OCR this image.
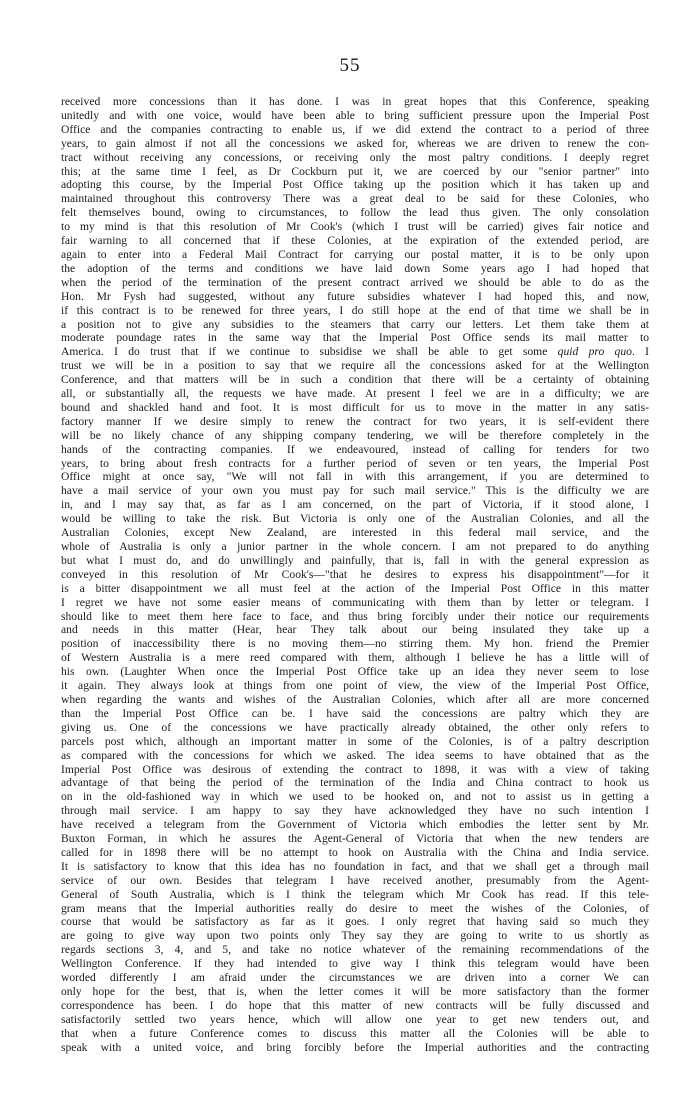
55
received more concessions than it has done. I was in great hopes that this Conference, speaking
unitedly and with one voice, would have been able to bring sufficient pressure upon the Imperial Post
Office and the companies contracting to enable us, if we did extend the contract to a period of three
years, to gain almost if not all the concessions we asked for, whereas we are driven to renew the con-
tract without receiving any concessions, or receiving only the most paltry conditions. I deeply regret
this; at the same time I feel, as Dr Cockburn put it, we are coerced by our "senior partner" into
adopting this course, by the Imperial Post Office taking up the position which it has taken up and
maintained throughout this controversy There was a great deal to be said for these Colonies, who
felt themselves bound, owing to circumstances, to follow the lead thus given. The only consolation
to my mind is that this resolution of Mr Cook's (which I trust will be carried) gives fair notice and
fair warning to all concerned that if these Colonies, at the expiration of the extended period, are
again to enter into a Federal Mail Contract for carrying our postal matter, it is to be only upon
the adoption of the terms and conditions we have laid down Some years ago I had hoped that
when the period of the termination of the present contract arrived we should be able to do as the
Hon. Mr Fysh had suggested, without any future subsidies whatever I had hoped this, and now,
if this contract is to be renewed for three years, I do still hope at the end of that time we shall be in
a position not to give any subsidies to the steamers that carry our letters. Let them take them at
moderate poundage rates in the same way that the Imperial Post Office sends its mail matter to
America. I do trust that if we continue to subsidise we shall be able to get some quid pro quo. I
trust we will be in a position to say that we require all the concessions asked for at the Wellington
Conference, and that matters will be in such a condition that there will be a certainty of obtaining
all, or substantially all, the requests we have made. At present I feel we are in a difficulty; we are
bound and shackled hand and foot. It is most difficult for us to move in the matter in any satis-
factory manner If we desire simply to renew the contract for two years, it is self-evident there
will be no likely chance of any shipping company tendering, we will be therefore completely in the
hands of the contracting companies. If we endeavoured, instead of calling for tenders for two
years, to bring about fresh contracts for a further period of seven or ten years, the Imperial Post
Office might at once say, "We will not fall in with this arrangement, if you are determined to
have a mail service of your own you must pay for such mail service." This is the difficulty we are
in, and I may say that, as far as I am concerned, on the part of Victoria, if it stood alone, I
would be willing to take the risk. But Victoria is only one of the Australian Colonies, and all the
Australian Colonies, except New Zealand, are interested in this federal mail service, and the
whole of Australia is only a junior partner in the whole concern. I am not prepared to do anything
but what I must do, and do unwillingly and painfully, that is, fall in with the general expression as
conveyed in this resolution of Mr Cook's—"that he desires to express his disappointment"—for it
is a bitter disappointment we all must feel at the action of the Imperial Post Office in this matter
I regret we have not some easier means of communicating with them than by letter or telegram. I
should like to meet them here face to face, and thus bring forcibly under their notice our requirements
and needs in this matter (Hear, hear They talk about our being insulated they take up a
position of inaccessibility there is no moving them—no stirring them. My hon. friend the Premier
of Western Australia is a mere reed compared with them, although I believe he has a little will of
his own. (Laughter When once the Imperial Post Office take up an idea they never seem to lose
it again. They always look at things from one point of view, the view of the Imperial Post Office,
when regarding the wants and wishes of the Australian Colonies, which after all are more concerned
than the Imperial Post Office can be. I have said the concessions are paltry which they are
giving us. One of the concessions we have practically already obtained, the other only refers to
parcels post which, although an important matter in some of the Colonies, is of a paltry description
as compared with the concessions for which we asked. The idea seems to have obtained that as the
Imperial Post Office was desirous of extending the contract to 1898, it was with a view of taking
advantage of that being the period of the termination of the India and China contract to hook us
on in the old-fashioned way in which we used to be hooked on, and not to assist us in getting a
through mail service. I am happy to say they have acknowledged they have no such intention I
have received a telegram from the Government of Victoria which embodies the letter sent by Mr.
Buxton Forman, in which he assures the Agent-General of Victoria that when the new tenders are
called for in 1898 there will be no attempt to hook on Australia with the China and India service.
It is satisfactory to know that this idea has no foundation in fact, and that we shall get a through mail
service of our own. Besides that telegram I have received another, presumably from the Agent-
General of South Australia, which is I think the telegram which Mr Cook has read. If this tele-
gram means that the Imperial authorities really do desire to meet the wishes of the Colonies, of
course that would be satisfactory as far as it goes. I only regret that having said so much they
are going to give way upon two points only They say they are going to write to us shortly as
regards sections 3, 4, and 5, and take no notice whatever of the remaining recommendations of the
Wellington Conference. If they had intended to give way I think this telegram would have been
worded differently I am afraid under the circumstances we are driven into a corner We can
only hope for the best, that is, when the letter comes it will be more satisfactory than the former
correspondence has been. I do hope that this matter of new contracts will be fully discussed and
satisfactorily settled two years hence, which will allow one year to get new tenders out, and
that when a future Conference comes to discuss this matter all the Colonies will be able to
speak with a united voice, and bring forcibly before the Imperial authorities and the contracting
